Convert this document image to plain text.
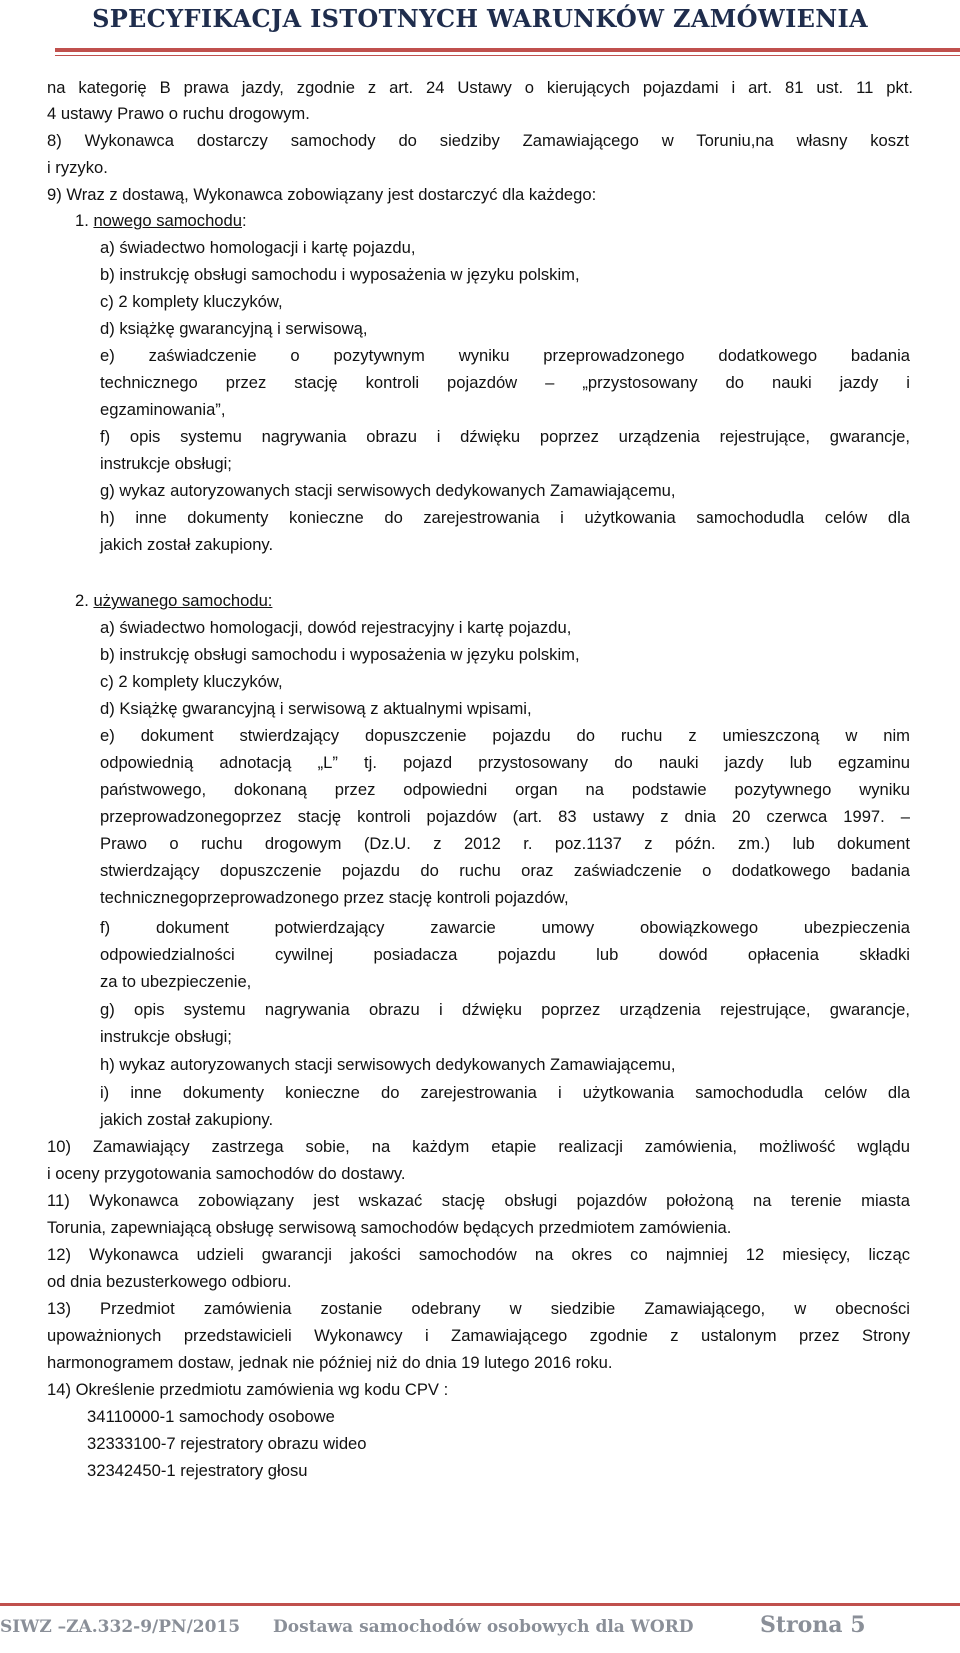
SPECYFIKACJA ISTOTNYCH WARUNKÓW ZAMÓWIENIA
na kategorię B prawa jazdy, zgodnie z art. 24 Ustawy o kierujących pojazdami i art. 81 ust. 11 pkt.
4 ustawy Prawo o ruchu drogowym.
8) Wykonawca dostarczy samochody do siedziby Zamawiającego w Toruniu,na własny koszt
i ryzyko.
9) Wraz z dostawą, Wykonawca zobowiązany jest dostarczyć dla każdego:
1. nowego samochodu:
a) świadectwo homologacji i kartę pojazdu,
b) instrukcję obsługi samochodu i wyposażenia w języku polskim,
c) 2 komplety kluczyków,
d) książkę gwarancyjną i serwisową,
e) zaświadczenie o pozytywnym wyniku przeprowadzonego dodatkowego badania
technicznego przez stację kontroli pojazdów – „przystosowany do nauki jazdy i
egzaminowania”,
f) opis systemu nagrywania obrazu i dźwięku poprzez urządzenia rejestrujące, gwarancje,
instrukcje obsługi;
g) wykaz autoryzowanych stacji serwisowych dedykowanych Zamawiającemu,
h) inne dokumenty konieczne do zarejestrowania i użytkowania samochodudla celów dla
jakich został zakupiony.
2. używanego samochodu:
a) świadectwo homologacji, dowód rejestracyjny i kartę pojazdu,
b) instrukcję obsługi samochodu i wyposażenia w języku polskim,
c) 2 komplety kluczyków,
d) Książkę gwarancyjną i serwisową z aktualnymi wpisami,
e) dokument stwierdzający dopuszczenie pojazdu do ruchu z umieszczoną w nim
odpowiednią adnotacją „L” tj. pojazd przystosowany do nauki jazdy lub egzaminu
państwowego, dokonaną przez odpowiedni organ na podstawie pozytywnego wyniku
przeprowadzonegoprzez stację kontroli pojazdów (art. 83 ustawy z dnia 20 czerwca 1997. –
Prawo o ruchu drogowym (Dz.U. z 2012 r. poz.1137 z późn. zm.) lub dokument
stwierdzający dopuszczenie pojazdu do ruchu oraz zaświadczenie o dodatkowego badania
technicznegoprzeprowadzonego przez stację kontroli pojazdów,
f) dokument potwierdzający zawarcie umowy obowiązkowego ubezpieczenia
odpowiedzialności cywilnej posiadacza pojazdu lub dowód opłacenia składki
za to ubezpieczenie,
g) opis systemu nagrywania obrazu i dźwięku poprzez urządzenia rejestrujące, gwarancje,
instrukcje obsługi;
h) wykaz autoryzowanych stacji serwisowych dedykowanych Zamawiającemu,
i) inne dokumenty konieczne do zarejestrowania i użytkowania samochodudla celów dla
jakich został zakupiony.
10) Zamawiający zastrzega sobie, na każdym etapie realizacji zamówienia, możliwość wglądu
i oceny przygotowania samochodów do dostawy.
11) Wykonawca zobowiązany jest wskazać stację obsługi pojazdów położoną na terenie miasta
Torunia, zapewniającą obsługę serwisową samochodów będących przedmiotem zamówienia.
12) Wykonawca udzieli gwarancji jakości samochodów na okres co najmniej 12 miesięcy, licząc
od dnia bezusterkowego odbioru.
13) Przedmiot zamówienia zostanie odebrany w siedzibie Zamawiającego, w obecności
upoważnionych przedstawicieli Wykonawcy i Zamawiającego zgodnie z ustalonym przez Strony
harmonogramem dostaw, jednak nie później niż do dnia 19 lutego 2016 roku.
14) Określenie przedmiotu zamówienia wg kodu CPV :
34110000-1 samochody osobowe
32333100-7 rejestratory obrazu wideo
32342450-1 rejestratory głosu
SIWZ –ZA.332-9/PN/2015 Dostawa samochodów osobowych dla WORD	Strona 5
